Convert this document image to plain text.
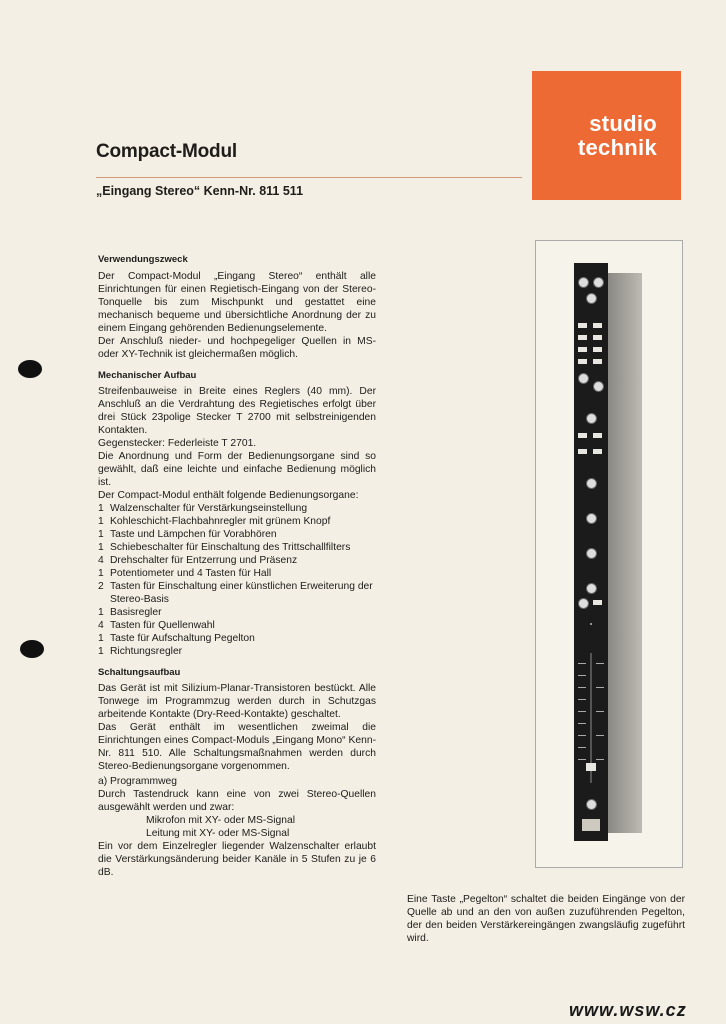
Compact-Modul
„Eingang Stereo“ Kenn-Nr. 811 511
studio
technik
Verwendungszweck

Der Compact-Modul „Eingang Stereo“ enthält alle Einrichtungen für einen Regietisch-Eingang von der Stereo-Tonquelle bis zum Mischpunkt und gestattet eine mechanisch bequeme und übersichtliche Anordnung der zu einem Eingang gehörenden Bedienungselemente.

Der Anschluß nieder- und hochpegeliger Quellen in MS- oder XY-Technik ist gleichermaßen möglich.

Mechanischer Aufbau

Streifenbauweise in Breite eines Reglers (40 mm). Der Anschluß an die Verdrahtung des Regietisches erfolgt über drei Stück 23polige Stecker T 2700 mit selbstreinigenden Kontakten.

Gegenstecker: Federleiste T 2701.

Die Anordnung und Form der Bedienungsorgane sind so gewählt, daß eine leichte und einfache Bedienung möglich ist.

Der Compact-Modul enthält folgende Bedienungsorgane:

1 Walzenschalter für Verstärkungseinstellung
1 Kohleschicht-Flachbahnregler mit grünem Knopf
1 Taste und Lämpchen für Vorabhören
1 Schiebeschalter für Einschaltung des Trittschallfilters
4 Drehschalter für Entzerrung und Präsenz
1 Potentiometer und 4 Tasten für Hall
2 Tasten für Einschaltung einer künstlichen Erweiterung der Stereo-Basis
1 Basisregler
4 Tasten für Quellenwahl
1 Taste für Aufschaltung Pegelton
1 Richtungsregler
Schaltungsaufbau

Das Gerät ist mit Silizium-Planar-Transistoren bestückt. Alle Tonwege im Programmzug werden durch in Schutzgas arbeitende Kontakte (Dry-Reed-Kontakte) geschaltet.

Das Gerät enthält im wesentlichen zweimal die Einrichtungen eines Compact-Moduls „Eingang Mono“ Kenn-Nr. 811 510. Alle Schaltungsmaßnahmen werden durch Stereo-Bedienungsorgane vorgenommen.

a) Programmweg

Durch Tastendruck kann eine von zwei Stereo-Quellen ausgewählt werden und zwar:

Mikrofon mit XY- oder MS-Signal

Leitung mit XY- oder MS-Signal

Ein vor dem Einzelregler liegender Walzenschalter erlaubt die Verstärkungsänderung beider Kanäle in 5 Stufen zu je 6 dB.

Eine Taste „Pegelton“ schaltet die beiden Eingänge von der Quelle ab und an den von außen zuzuführenden Pegelton, der den beiden Verstärkereingängen zwangsläufig zugeführt wird.
www.wsw.cz
